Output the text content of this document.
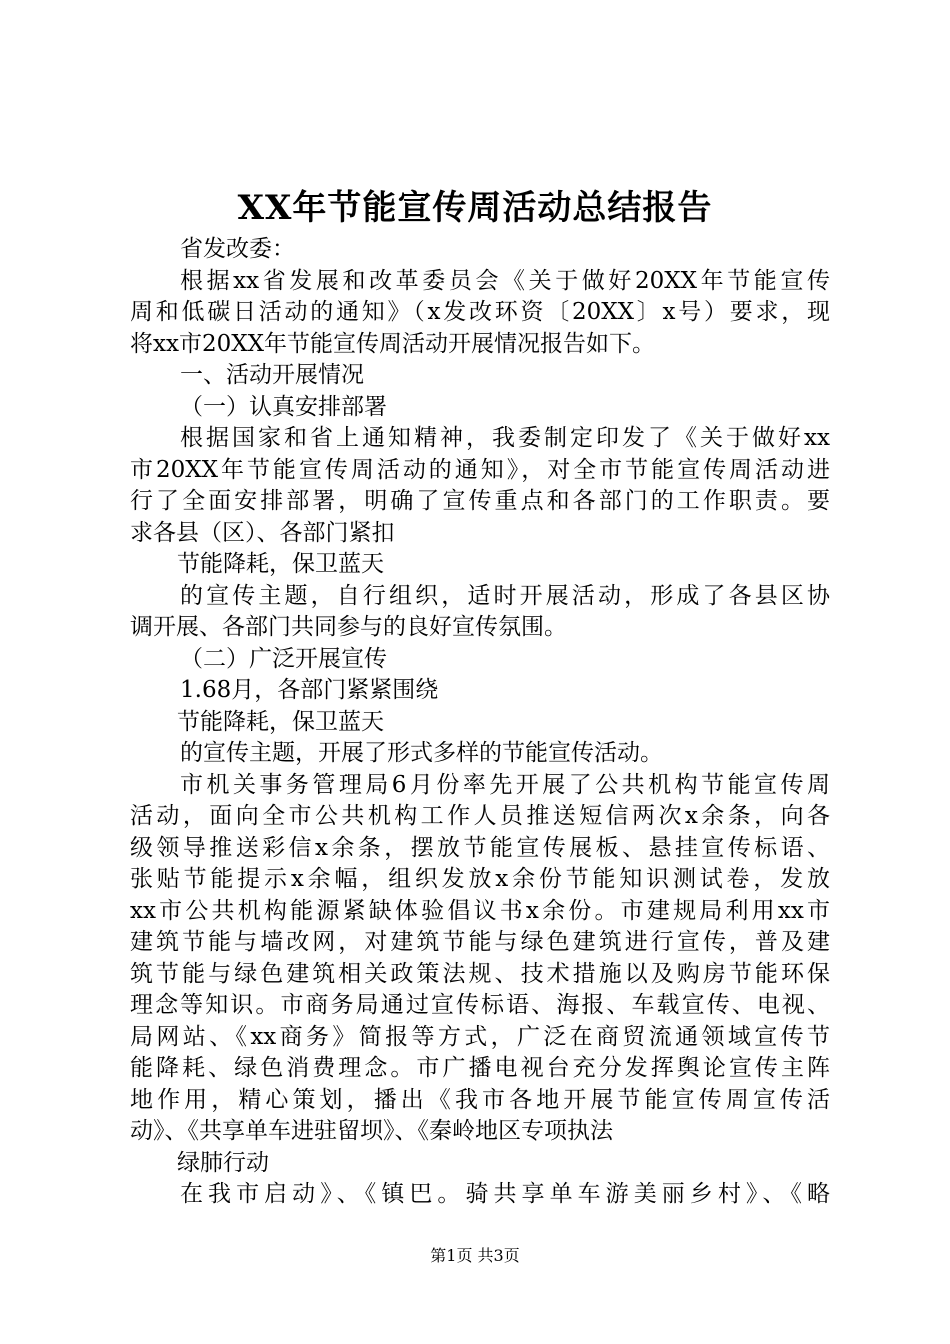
XX年节能宣传周活动总结报告
省发改委：
根据xx省发展和改革委员会《关于做好20XX年节能宣传
周和低碳日活动的通知》（x发改环资〔20XX〕x号）要求，现
将xx市20XX年节能宣传周活动开展情况报告如下。
一、活动开展情况
（一）认真安排部署
根据国家和省上通知精神，我委制定印发了《关于做好xx
市20XX年节能宣传周活动的通知》，对全市节能宣传周活动进
行了全面安排部署，明确了宣传重点和各部门的工作职责。要
求各县（区）、各部门紧扣
节能降耗，保卫蓝天
的宣传主题，自行组织，适时开展活动，形成了各县区协
调开展、各部门共同参与的良好宣传氛围。
（二）广泛开展宣传
1.68月，各部门紧紧围绕
节能降耗，保卫蓝天
的宣传主题，开展了形式多样的节能宣传活动。
市机关事务管理局6月份率先开展了公共机构节能宣传周
活动，面向全市公共机构工作人员推送短信两次x余条，向各
级领导推送彩信x余条，摆放节能宣传展板、悬挂宣传标语、
张贴节能提示x余幅，组织发放x余份节能知识测试卷，发放
xx市公共机构能源紧缺体验倡议书x余份。市建规局利用xx市
建筑节能与墙改网，对建筑节能与绿色建筑进行宣传，普及建
筑节能与绿色建筑相关政策法规、技术措施以及购房节能环保
理念等知识。市商务局通过宣传标语、海报、车载宣传、电视、
局网站、《xx商务》简报等方式，广泛在商贸流通领域宣传节
能降耗、绿色消费理念。市广播电视台充分发挥舆论宣传主阵
地作用，精心策划，播出《我市各地开展节能宣传周宣传活
动》、《共享单车进驻留坝》、《秦岭地区专项执法
绿肺行动
在我市启动》、《镇巴。骑共享单车游美丽乡村》、《略
第1页 共3页
